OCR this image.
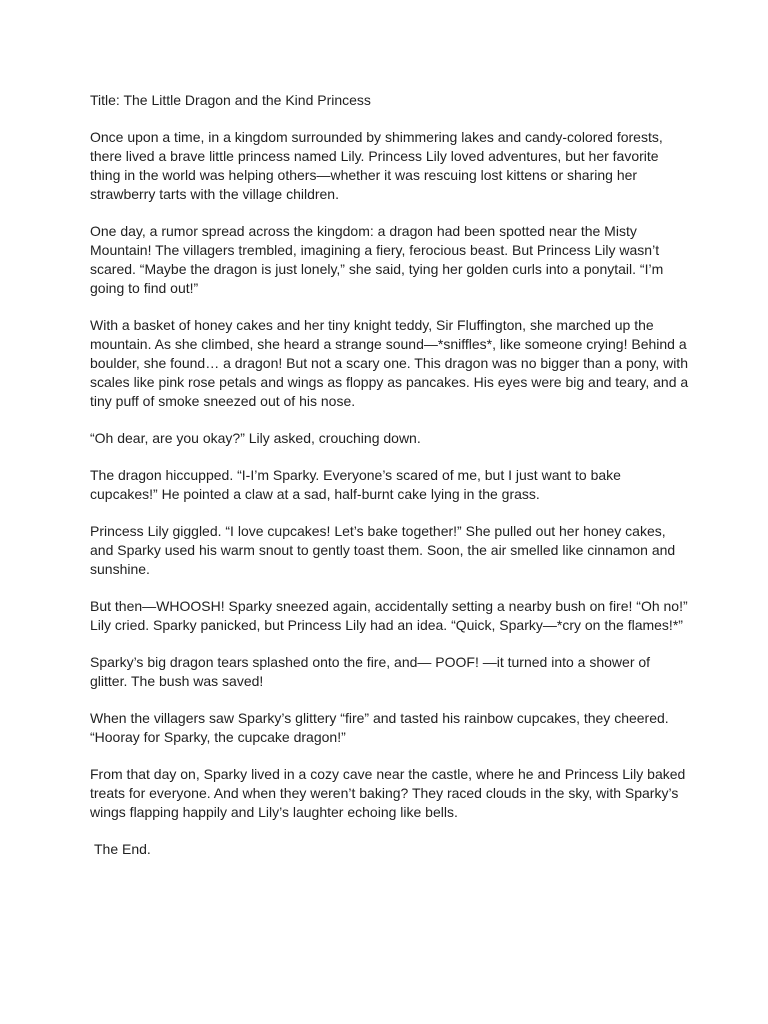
Title: The Little Dragon and the Kind Princess

Once upon a time, in a kingdom surrounded by shimmering lakes and candy-colored forests, there lived a brave little princess named Lily. Princess Lily loved adventures, but her favorite thing in the world was helping others—whether it was rescuing lost kittens or sharing her strawberry tarts with the village children.

One day, a rumor spread across the kingdom: a dragon had been spotted near the Misty Mountain! The villagers trembled, imagining a fiery, ferocious beast. But Princess Lily wasn’t scared. “Maybe the dragon is just lonely,” she said, tying her golden curls into a ponytail. “I’m going to find out!”

With a basket of honey cakes and her tiny knight teddy, Sir Fluffington, she marched up the mountain. As she climbed, she heard a strange sound—*sniffles*, like someone crying! Behind a boulder, she found… a dragon! But not a scary one. This dragon was no bigger than a pony, with scales like pink rose petals and wings as floppy as pancakes. His eyes were big and teary, and a tiny puff of smoke sneezed out of his nose.

“Oh dear, are you okay?” Lily asked, crouching down.

The dragon hiccupped. “I-I’m Sparky. Everyone’s scared of me, but I just want to bake cupcakes!” He pointed a claw at a sad, half-burnt cake lying in the grass.

Princess Lily giggled. “I love cupcakes! Let’s bake together!” She pulled out her honey cakes, and Sparky used his warm snout to gently toast them. Soon, the air smelled like cinnamon and sunshine.

But then—WHOOSH! Sparky sneezed again, accidentally setting a nearby bush on fire! “Oh no!” Lily cried. Sparky panicked, but Princess Lily had an idea. “Quick, Sparky—*cry on the flames!*”

Sparky’s big dragon tears splashed onto the fire, and— POOF! —it turned into a shower of glitter. The bush was saved!

When the villagers saw Sparky’s glittery “fire” and tasted his rainbow cupcakes, they cheered. “Hooray for Sparky, the cupcake dragon!”

From that day on, Sparky lived in a cozy cave near the castle, where he and Princess Lily baked treats for everyone. And when they weren’t baking? They raced clouds in the sky, with Sparky’s wings flapping happily and Lily’s laughter echoing like bells.

The End.
